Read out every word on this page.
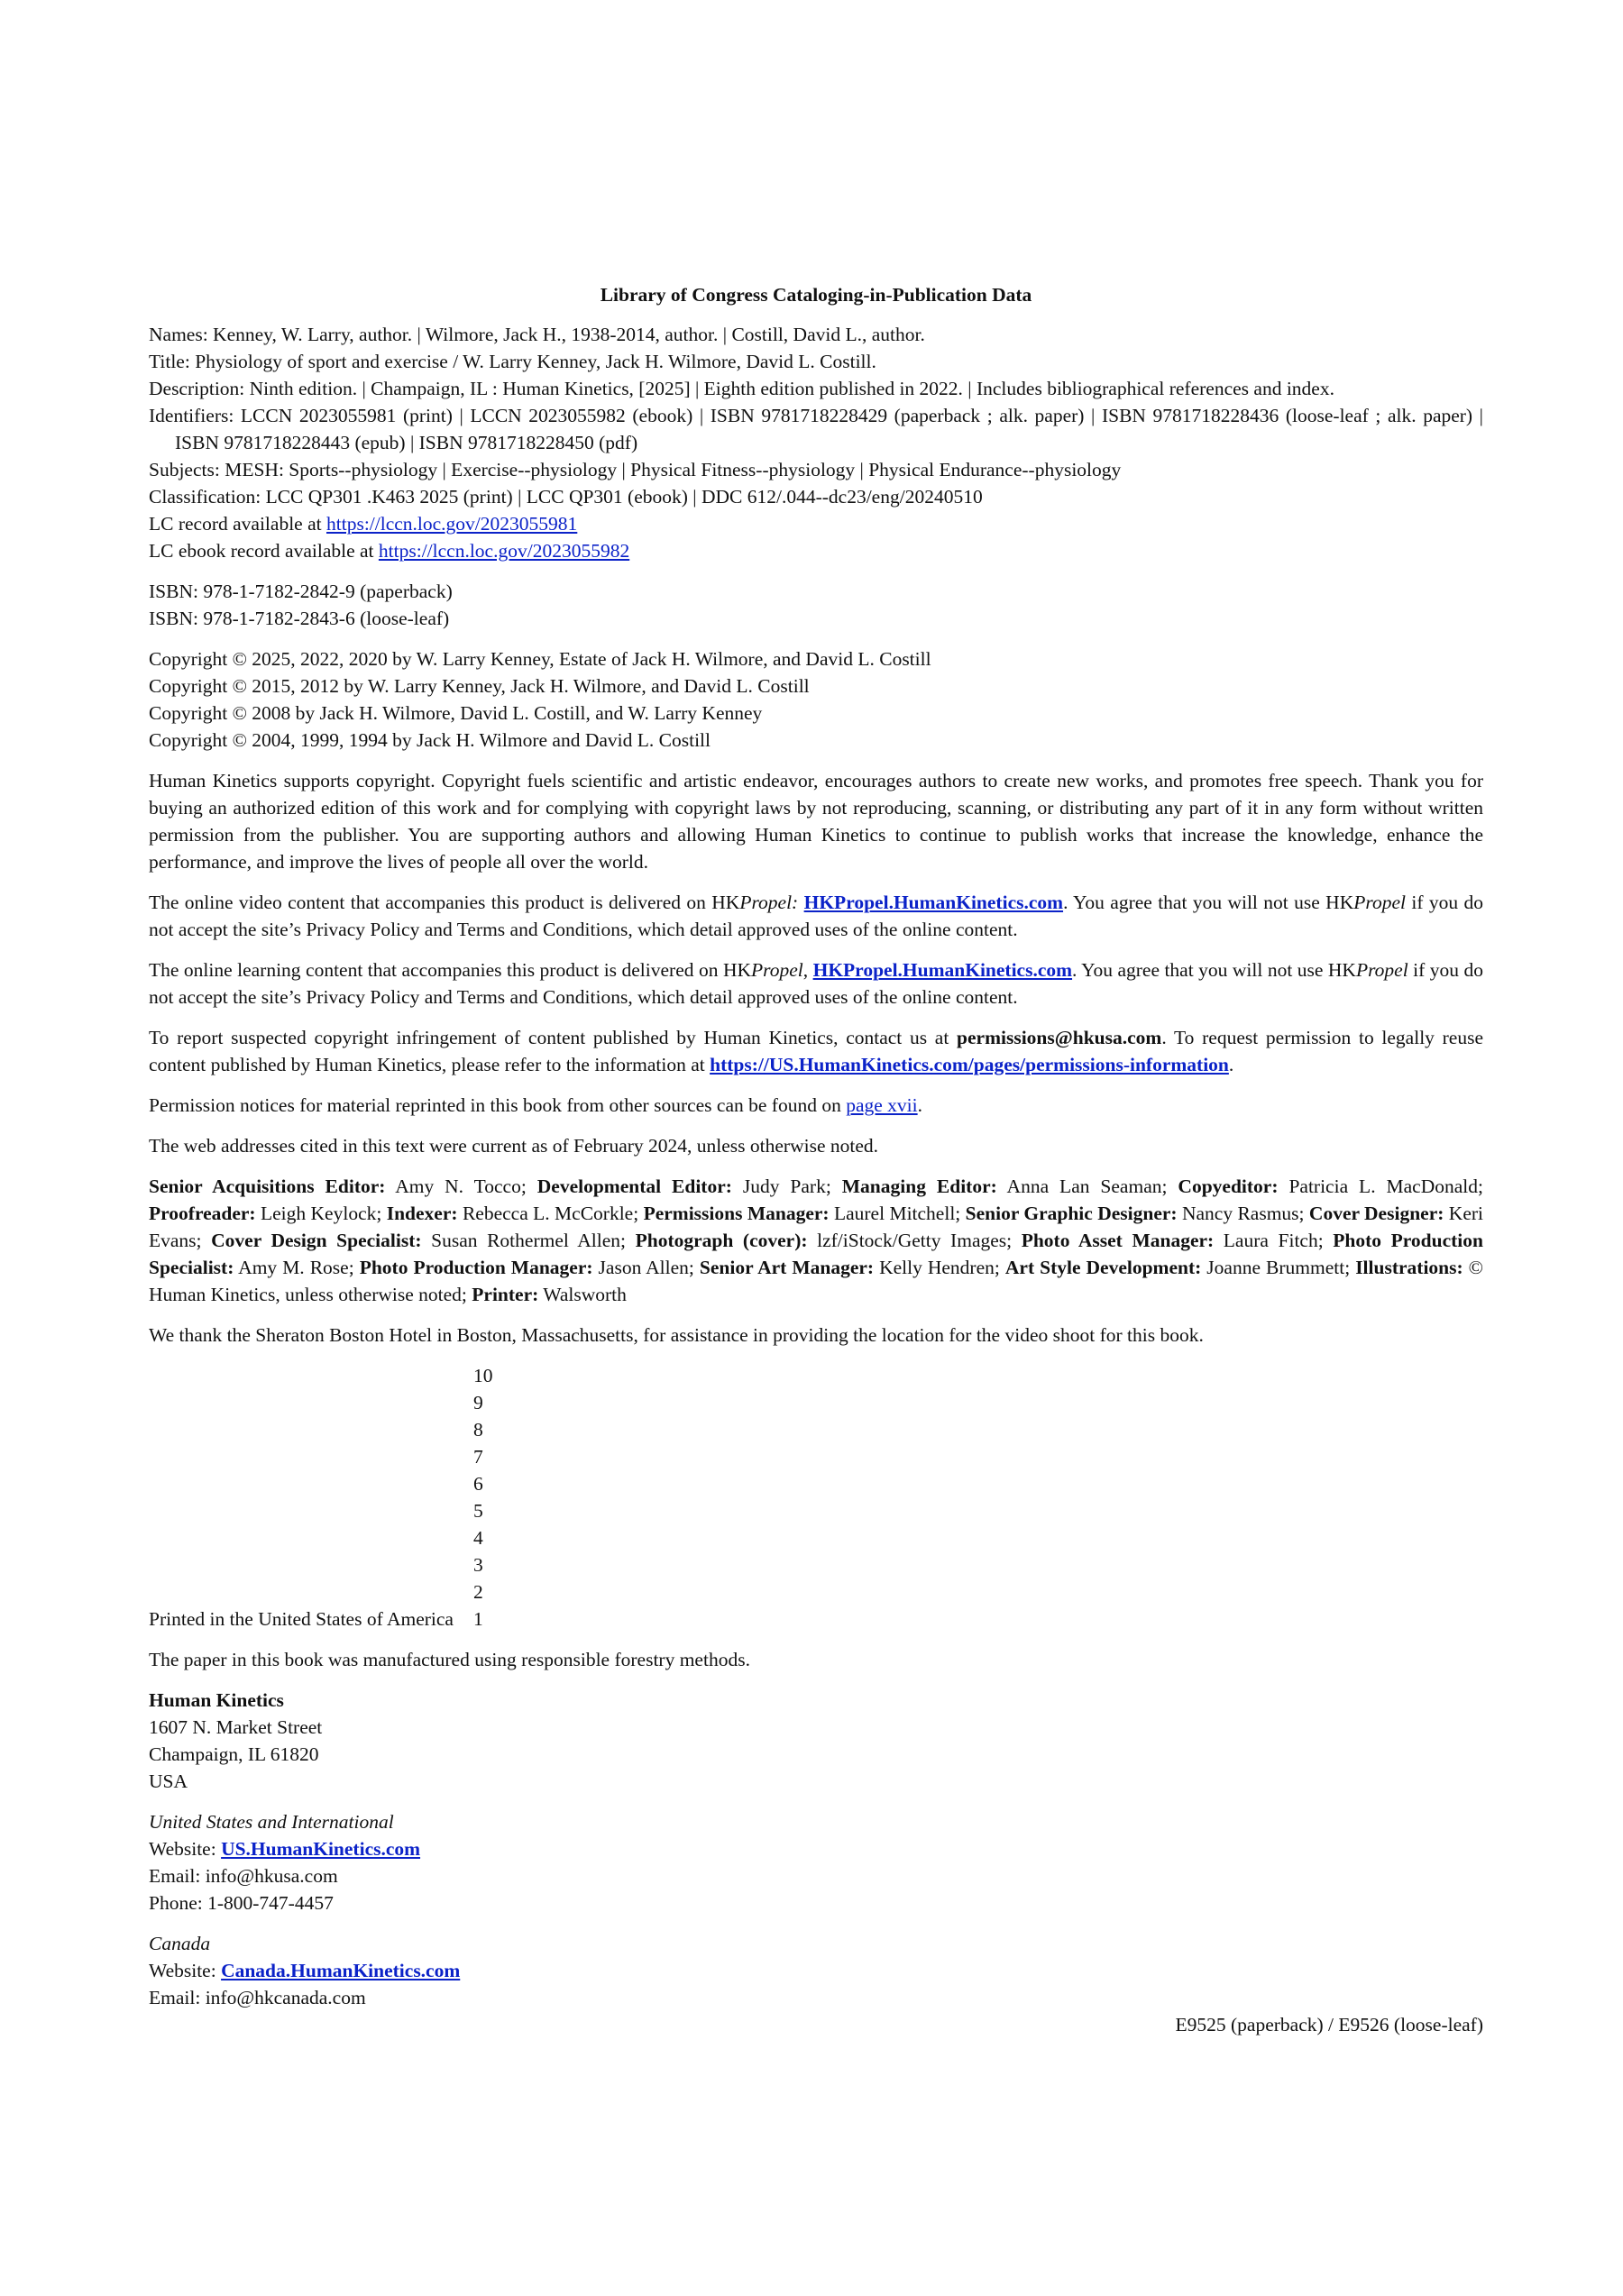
Library of Congress Cataloging-in-Publication Data
Names: Kenney, W. Larry, author. | Wilmore, Jack H., 1938-2014, author. | Costill, David L., author.
Title: Physiology of sport and exercise / W. Larry Kenney, Jack H. Wilmore, David L. Costill.
Description: Ninth edition. | Champaign, IL : Human Kinetics, [2025] | Eighth edition published in 2022. | Includes bibliographical references and index.
Identifiers: LCCN 2023055981 (print) | LCCN 2023055982 (ebook) | ISBN 9781718228429 (paperback ; alk. paper) | ISBN 9781718228436 (loose-leaf ; alk. paper) | ISBN 9781718228443 (epub) | ISBN 9781718228450 (pdf)
Subjects: MESH: Sports--physiology | Exercise--physiology | Physical Fitness--physiology | Physical Endurance--physiology
Classification: LCC QP301 .K463 2025 (print) | LCC QP301 (ebook) | DDC 612/.044--dc23/eng/20240510
LC record available at https://lccn.loc.gov/2023055981
LC ebook record available at https://lccn.loc.gov/2023055982
ISBN: 978-1-7182-2842-9 (paperback)
ISBN: 978-1-7182-2843-6 (loose-leaf)
Copyright © 2025, 2022, 2020 by W. Larry Kenney, Estate of Jack H. Wilmore, and David L. Costill
Copyright © 2015, 2012 by W. Larry Kenney, Jack H. Wilmore, and David L. Costill
Copyright © 2008 by Jack H. Wilmore, David L. Costill, and W. Larry Kenney
Copyright © 2004, 1999, 1994 by Jack H. Wilmore and David L. Costill
Human Kinetics supports copyright. Copyright fuels scientific and artistic endeavor, encourages authors to create new works, and promotes free speech. Thank you for buying an authorized edition of this work and for complying with copyright laws by not reproducing, scanning, or distributing any part of it in any form without written permission from the publisher. You are supporting authors and allowing Human Kinetics to continue to publish works that increase the knowledge, enhance the performance, and improve the lives of people all over the world.
The online video content that accompanies this product is delivered on HKPropel: HKPropel.HumanKinetics.com. You agree that you will not use HKPropel if you do not accept the site’s Privacy Policy and Terms and Conditions, which detail approved uses of the online content.
The online learning content that accompanies this product is delivered on HKPropel, HKPropel.HumanKinetics.com. You agree that you will not use HKPropel if you do not accept the site’s Privacy Policy and Terms and Conditions, which detail approved uses of the online content.
To report suspected copyright infringement of content published by Human Kinetics, contact us at permissions@hkusa.com. To request permission to legally reuse content published by Human Kinetics, please refer to the information at https://US.HumanKinetics.com/pages/permissions-information.
Permission notices for material reprinted in this book from other sources can be found on page xvii.
The web addresses cited in this text were current as of February 2024, unless otherwise noted.
Senior Acquisitions Editor: Amy N. Tocco; Developmental Editor: Judy Park; Managing Editor: Anna Lan Seaman; Copyeditor: Patricia L. MacDonald; Proofreader: Leigh Keylock; Indexer: Rebecca L. McCorkle; Permissions Manager: Laurel Mitchell; Senior Graphic Designer: Nancy Rasmus; Cover Designer: Keri Evans; Cover Design Specialist: Susan Rothermel Allen; Photograph (cover): lzf/iStock/Getty Images; Photo Asset Manager: Laura Fitch; Photo Production Specialist: Amy M. Rose; Photo Production Manager: Jason Allen; Senior Art Manager: Kelly Hendren; Art Style Development: Joanne Brummett; Illustrations: © Human Kinetics, unless otherwise noted; Printer: Walsworth
We thank the Sheraton Boston Hotel in Boston, Massachusetts, for assistance in providing the location for the video shoot for this book.
Printed in the United States of America10987654321
The paper in this book was manufactured using responsible forestry methods.
Human Kinetics
1607 N. Market Street
Champaign, IL 61820
USA
United States and International
Website: US.HumanKinetics.com
Email: info@hkusa.com
Phone: 1-800-747-4457
Canada
Website: Canada.HumanKinetics.com
Email: info@hkcanada.com
E9525 (paperback) / E9526 (loose-leaf)
